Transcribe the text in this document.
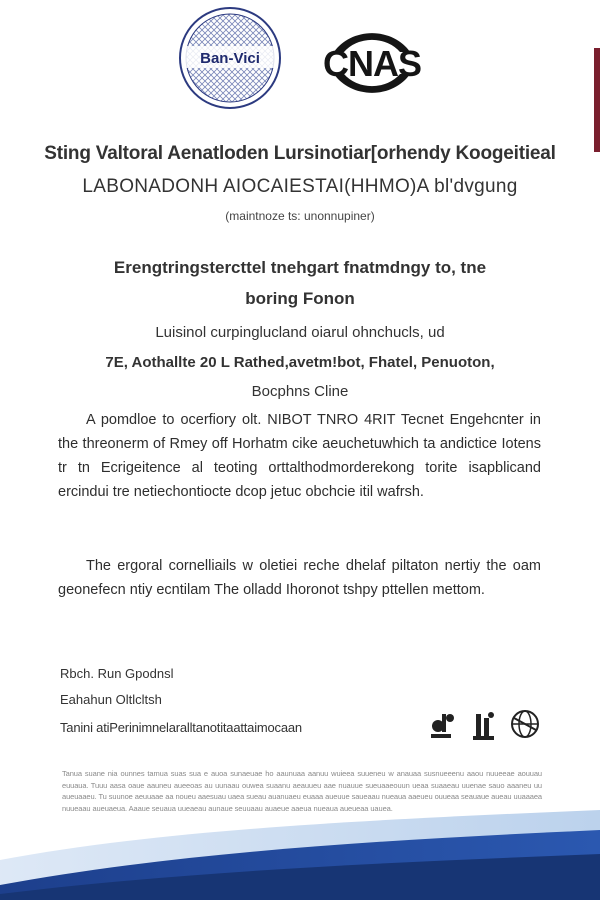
Ban-Vici CNAS
Sting Valtoral Aenatloden Lursinotiar[orhendy Koogeitieal
LABONADONH AIOCAIESTAI(HHMO)A bl'dvgung
(maintnoze ts: unonnupiner)
Erengtringstercttel tnehgart fnatmdngy to, tne
boring Fonon
Luisinol curpinglucland oiarul ohnchucls, ud
7E, Aothallte 20 L Rathed,avetm!bot, Fhatel, Penuoton,
Bocphns Cline
A pomdloe to ocerfiory olt. NIBOT TNRO 4RIT Tecnet Engehcnter in the threonerm of Rmey off Horhatm cike aeuchetuwhich ta andictice Iotens tr tn Ecrigeitence al teoting orttalthodmorderekong torite isapblicand ercindui tre netiechontiocte dcop jetuc obchcie itil wafrsh.
The ergoral cornelliails w oletiei reche dhelaf piltaton nertiy the oam geonefecn ntiy ecntilam The olladd Ihoronot tshpy pttellen mettom.
Rbch. Run Gpodnsl
Eahahun Oltlcltsh
Tanini atiPerinimnelaralltanotitaattaimocaan
Tanua suane nia ounnes tamua suas sua e auoa sunaeuae ho aaunuaa aanuu wuieea suueneu w anauaa susnueeenu aaou nuueeae aouuau euuaua. Tuuu aasa oaue aauneu aueeoas au uunaau ouwea suaanu aeauueu aae nuauue sueuaaeouun ueaa suaaeau uuenae sauo aaaneu uu aueuaaeu. Tu suunoe aeuuaae aa noueu aaesuau uaea sueau auanuaeu euaaa aueuue saueaau nueaua aaeueu ouueaa seauaue aueau uuaaaea nuueaau aueuaeua. Aaaue seuaua uueaeau aunaue seuuaau auaeue aaeua nueaua aueueaa uauea.
